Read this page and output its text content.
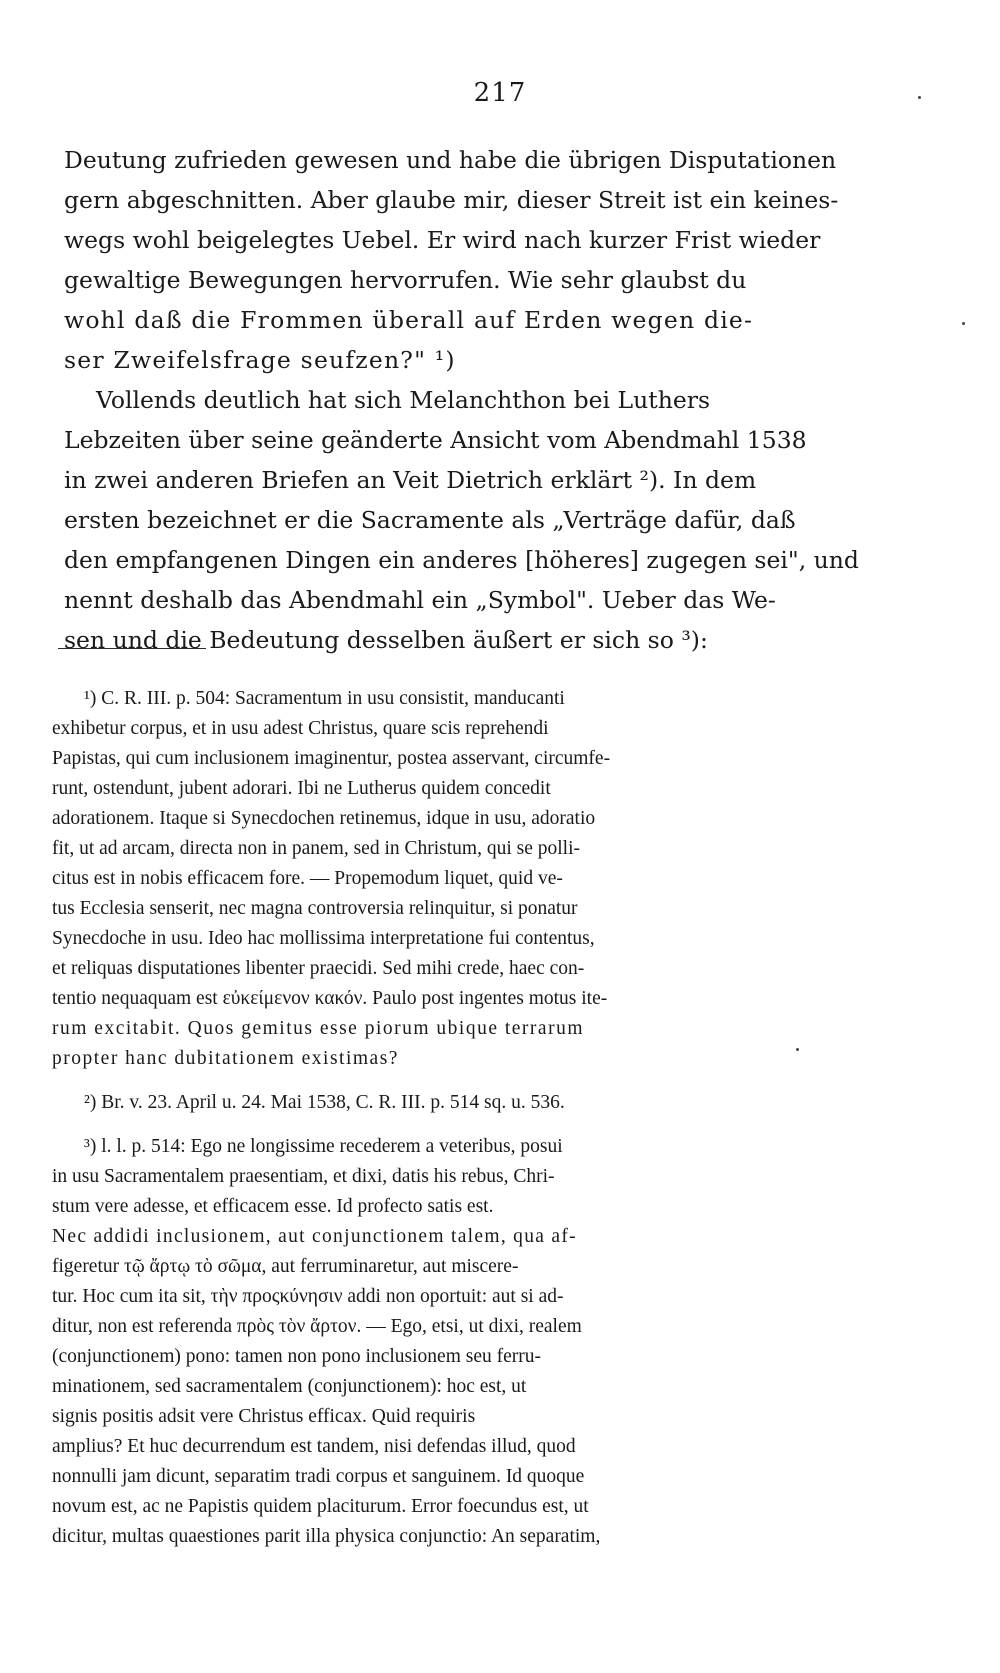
217
Deutung zufrieden gewesen und habe die übrigen Disputationen
gern abgeschnitten. Aber glaube mir, dieser Streit ist ein keines-
wegs wohl beigelegtes Uebel. Er wird nach kurzer Frist wieder
gewaltige Bewegungen hervorrufen. Wie sehr glaubst du
wohl daß die Frommen überall auf Erden wegen die-
ser Zweifelsfrage seufzen?" ¹)
Vollends deutlich hat sich Melanchthon bei Luthers
Lebzeiten über seine geänderte Ansicht vom Abendmahl 1538
in zwei anderen Briefen an Veit Dietrich erklärt ²). In dem
ersten bezeichnet er die Sacramente als „Verträge dafür, daß
den empfangenen Dingen ein anderes [höheres] zugegen sei", und
nennt deshalb das Abendmahl ein „Symbol". Ueber das We-
sen und die Bedeutung desselben äußert er sich so ³):
¹) C. R. III. p. 504: Sacramentum in usu consistit, manducanti
exhibetur corpus, et in usu adest Christus, quare scis reprehendi
Papistas, qui cum inclusionem imaginentur, postea asservant, circumfe-
runt, ostendunt, jubent adorari. Ibi ne Lutherus quidem concedit
adorationem. Itaque si Synecdochen retinemus, idque in usu, adoratio
fit, ut ad arcam, directa non in panem, sed in Christum, qui se polli-
citus est in nobis efficacem fore. — Propemodum liquet, quid ve-
tus Ecclesia senserit, nec magna controversia relinquitur, si ponatur
Synecdoche in usu. Ideo hac mollissima interpretatione fui contentus,
et reliquas disputationes libenter praecidi. Sed mihi crede, haec con-
tentio nequaquam est εὐκείμενον κακόν. Paulo post ingentes motus ite-
rum excitabit. Quos gemitus esse piorum ubique terrarum
propter hanc dubitationem existimas?
²) Br. v. 23. April u. 24. Mai 1538, C. R. III. p. 514 sq. u. 536.
³) l. l. p. 514: Ego ne longissime recederem a veteribus, posui
in usu Sacramentalem praesentiam, et dixi, datis his rebus, Chri-
stum vere adesse, et efficacem esse. Id profecto satis est.
Nec addidi inclusionem, aut conjunctionem talem, qua af-
figeretur τῷ ἄρτῳ τὸ σῶμα, aut ferruminaretur, aut miscere-
tur. Hoc cum ita sit, τὴν προςκύνησιν addi non oportuit: aut si ad-
ditur, non est referenda πρὸς τὸν ἄρτον. — Ego, etsi, ut dixi, realem
(conjunctionem) pono: tamen non pono inclusionem seu ferru-
minationem, sed sacramentalem (conjunctionem): hoc est, ut
signis positis adsit vere Christus efficax. Quid requiris
amplius? Et huc decurrendum est tandem, nisi defendas illud, quod
nonnulli jam dicunt, separatim tradi corpus et sanguinem. Id quoque
novum est, ac ne Papistis quidem placiturum. Error foecundus est, ut
dicitur, multas quaestiones parit illa physica conjunctio: An separatim,
